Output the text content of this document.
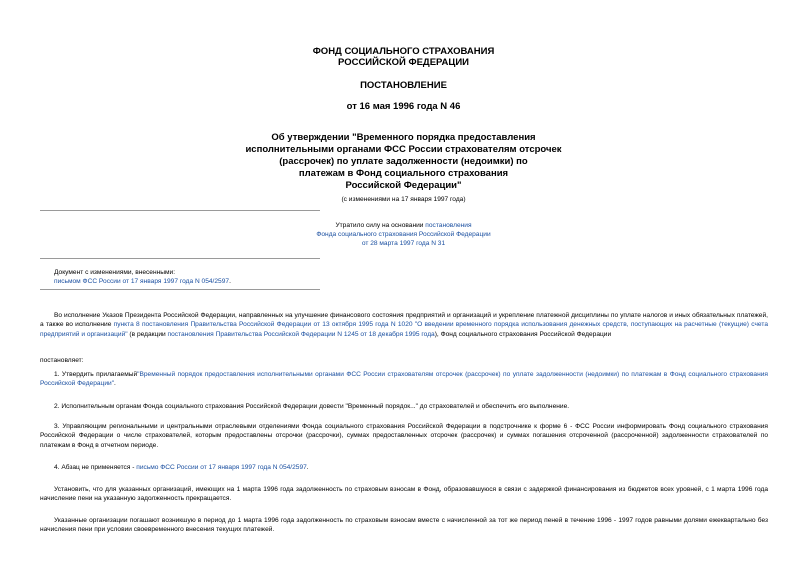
ФОНД СОЦИАЛЬНОГО СТРАХОВАНИЯ
РОССИЙСКОЙ ФЕДЕРАЦИИ
ПОСТАНОВЛЕНИЕ
от 16 мая 1996 года N 46
Об утверждении "Временного порядка предоставления
исполнительными органами ФСС России страхователям отсрочек
(рассрочек) по уплате задолженности (недоимки) по
платежам в Фонд социального страхования
Российской Федерации"
(с изменениями на 17 января 1997 года)
Утратило силу на основании постановления
Фонда социального страхования Российской Федерации
от 28 марта 1997 года N 31
Документ с изменениями, внесенными:
письмом ФСС России от 17 января 1997 года N 054/2597.
Во исполнение Указов Президента Российской Федерации, направленных на улучшение финансового состояния предприятий и организаций и укрепление платежной дисциплины по уплате налогов и иных обязательных платежей, а также во исполнение пункта 8 постановления Правительства Российской Федерации от 13 октября 1995 года N 1020 "О введении временного порядка использования денежных средств, поступающих на расчетные (текущие) счета предприятий и организаций" (в редакции постановления Правительства Российской Федерации N 1245 от 18 декабря 1995 года), Фонд социального страхования Российской Федерации
постановляет:
1. Утвердить прилагаемый"Временный порядок предоставления исполнительными органами ФСС России страхователям отсрочек (рассрочек) по уплате задолженности (недоимки) по платежам в Фонд социального страхования Российской Федерации".
2. Исполнительным органам Фонда социального страхования Российской Федерации довести "Временный порядок..." до страхователей и обеспечить его выполнение.
3. Управляющим региональными и центральными отраслевыми отделениями Фонда социального страхования Российской Федерации в подстрочнике к форме 6 - ФСС России информировать Фонд социального страхования Российской Федерации о числе страхователей, которым предоставлены отсрочки (рассрочки), суммах предоставленных отсрочек (рассрочек) и суммах погашения отсроченной (рассроченной) задолженности страхователей по платежам в Фонд в отчетном периоде.
4. Абзац не применяется - письмо ФСС России от 17 января 1997 года N 054/2597.
Установить, что для указанных организаций, имеющих на 1 марта 1996 года задолженность по страховым взносам в Фонд, образовавшуюся в связи с задержкой финансирования из бюджетов всех уровней, с 1 марта 1996 года начисление пени на указанную задолженность прекращается.
Указанные организации погашают возникшую в период до 1 марта 1996 года задолженность по страховым взносам вместе с начисленной за тот же период пеней в течение 1996 - 1997 годов равными долями ежеквартально без начисления пени при условии своевременного внесения текущих платежей.
